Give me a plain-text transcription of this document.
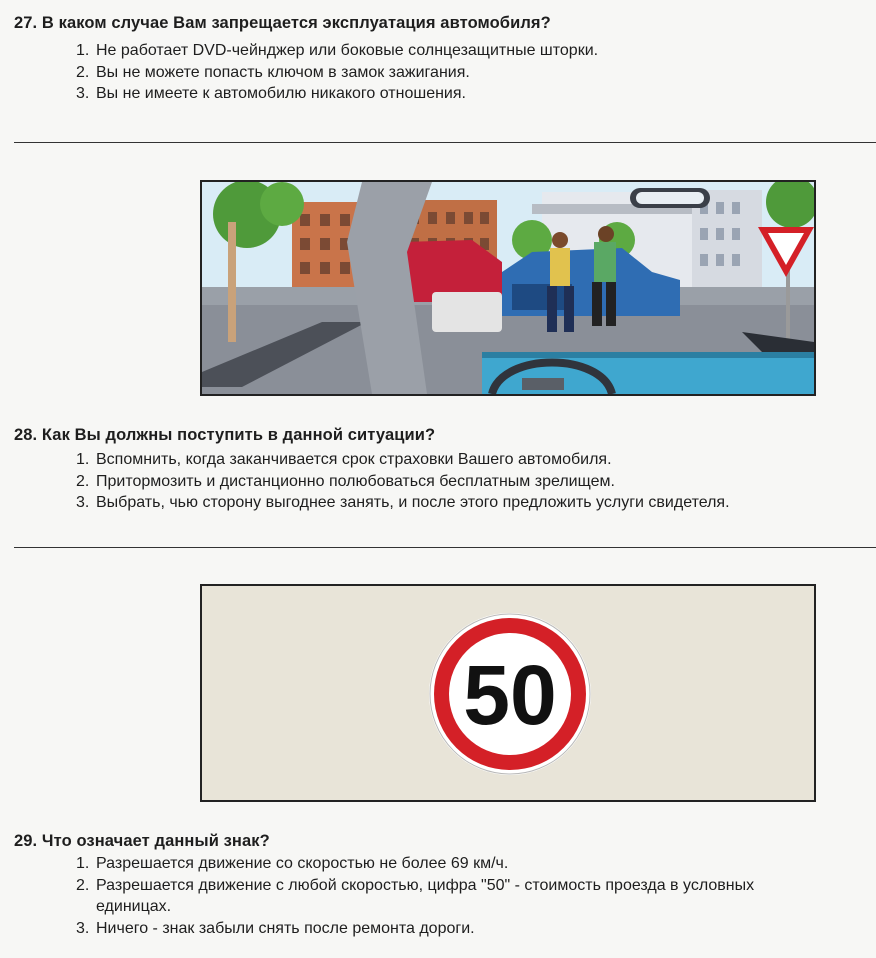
27. В каком случае Вам запрещается эксплуатация автомобиля?
1. Не работает DVD-чейнджер или боковые солнцезащитные шторки.
2. Вы не можете попасть ключом в замок зажигания.
3. Вы не имеете к автомобилю никакого отношения.
28. Как Вы должны поступить в данной ситуации?
1. Вспомнить, когда заканчивается срок страховки Вашего автомобиля.
2. Притормозить и дистанционно полюбоваться бесплатным зрелищем.
3. Выбрать, чью сторону выгоднее занять, и после этого предложить услуги свидетеля.
50
29. Что означает данный знак?
1. Разрешается движение со скоростью не более 69 км/ч.
2. Разрешается движение с любой скоростью, цифра "50" - стоимость проезда в условных
единицах.
3. Ничего - знак забыли снять после ремонта дороги.
